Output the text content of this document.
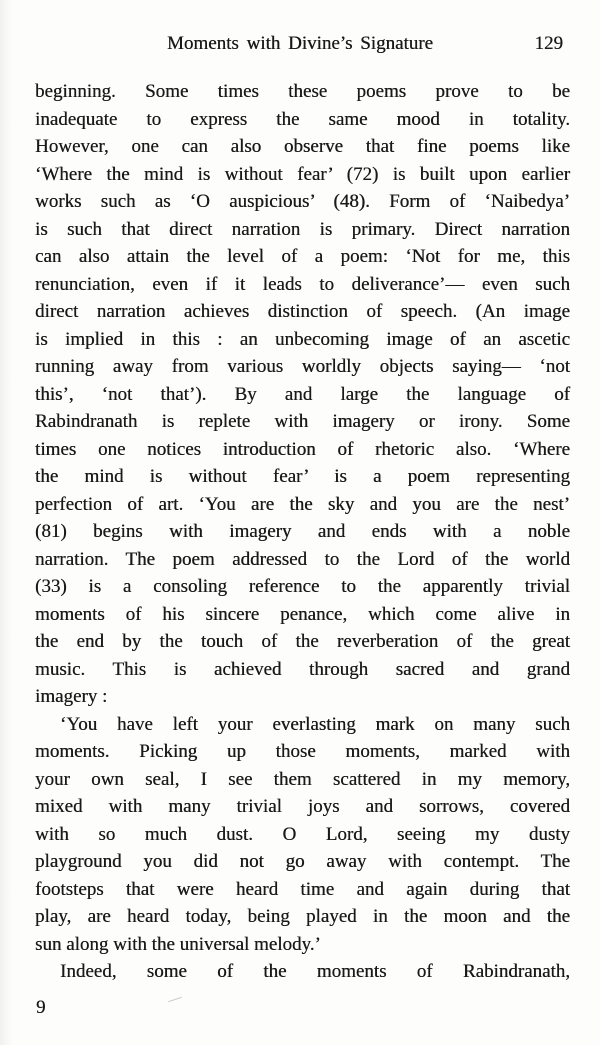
Moments with Divine’s Signature	129
beginning. Some times these poems prove to be
inadequate to express the same mood in totality.
However, one can also observe that fine poems like
‘Where the mind is without fear’ (72) is built upon earlier
works such as ‘O auspicious’ (48). Form of ‘Naibedya’
is such that direct narration is primary. Direct narration
can also attain the level of a poem: ‘Not for me, this
renunciation, even if it leads to deliverance’— even such
direct narration achieves distinction of speech. (An image
is implied in this : an unbecoming image of an ascetic
running away from various worldly objects saying— ‘not
this’, ‘not that’). By and large the language of
Rabindranath is replete with imagery or irony. Some
times one notices introduction of rhetoric also. ‘Where
the mind is without fear’ is a poem representing
perfection of art. ‘You are the sky and you are the nest’
(81) begins with imagery and ends with a noble
narration. The poem addressed to the Lord of the world
(33) is a consoling reference to the apparently trivial
moments of his sincere penance, which come alive in
the end by the touch of the reverberation of the great
music. This is achieved through sacred and grand
imagery :
‘You have left your everlasting mark on many such
moments. Picking up those moments, marked with
your own seal, I see them scattered in my memory,
mixed with many trivial joys and sorrows, covered
with so much dust. O Lord, seeing my dusty
playground you did not go away with contempt. The
footsteps that were heard time and again during that
play, are heard today, being played in the moon and the
sun along with the universal melody.’
Indeed, some of the moments of Rabindranath,
9
